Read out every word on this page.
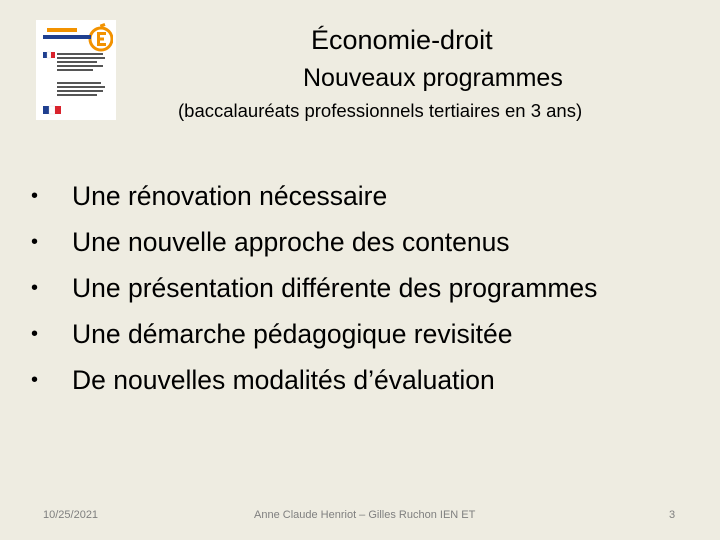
Économie-droit
Nouveaux programmes
(baccalauréats professionnels tertiaires en 3 ans)
• Une rénovation nécessaire
• Une nouvelle approche des contenus
• Une présentation différente des programmes
• Une démarche pédagogique revisitée
• De nouvelles modalités d’évaluation
10/25/2021	Anne Claude Henriot – Gilles Ruchon IEN ET	3
